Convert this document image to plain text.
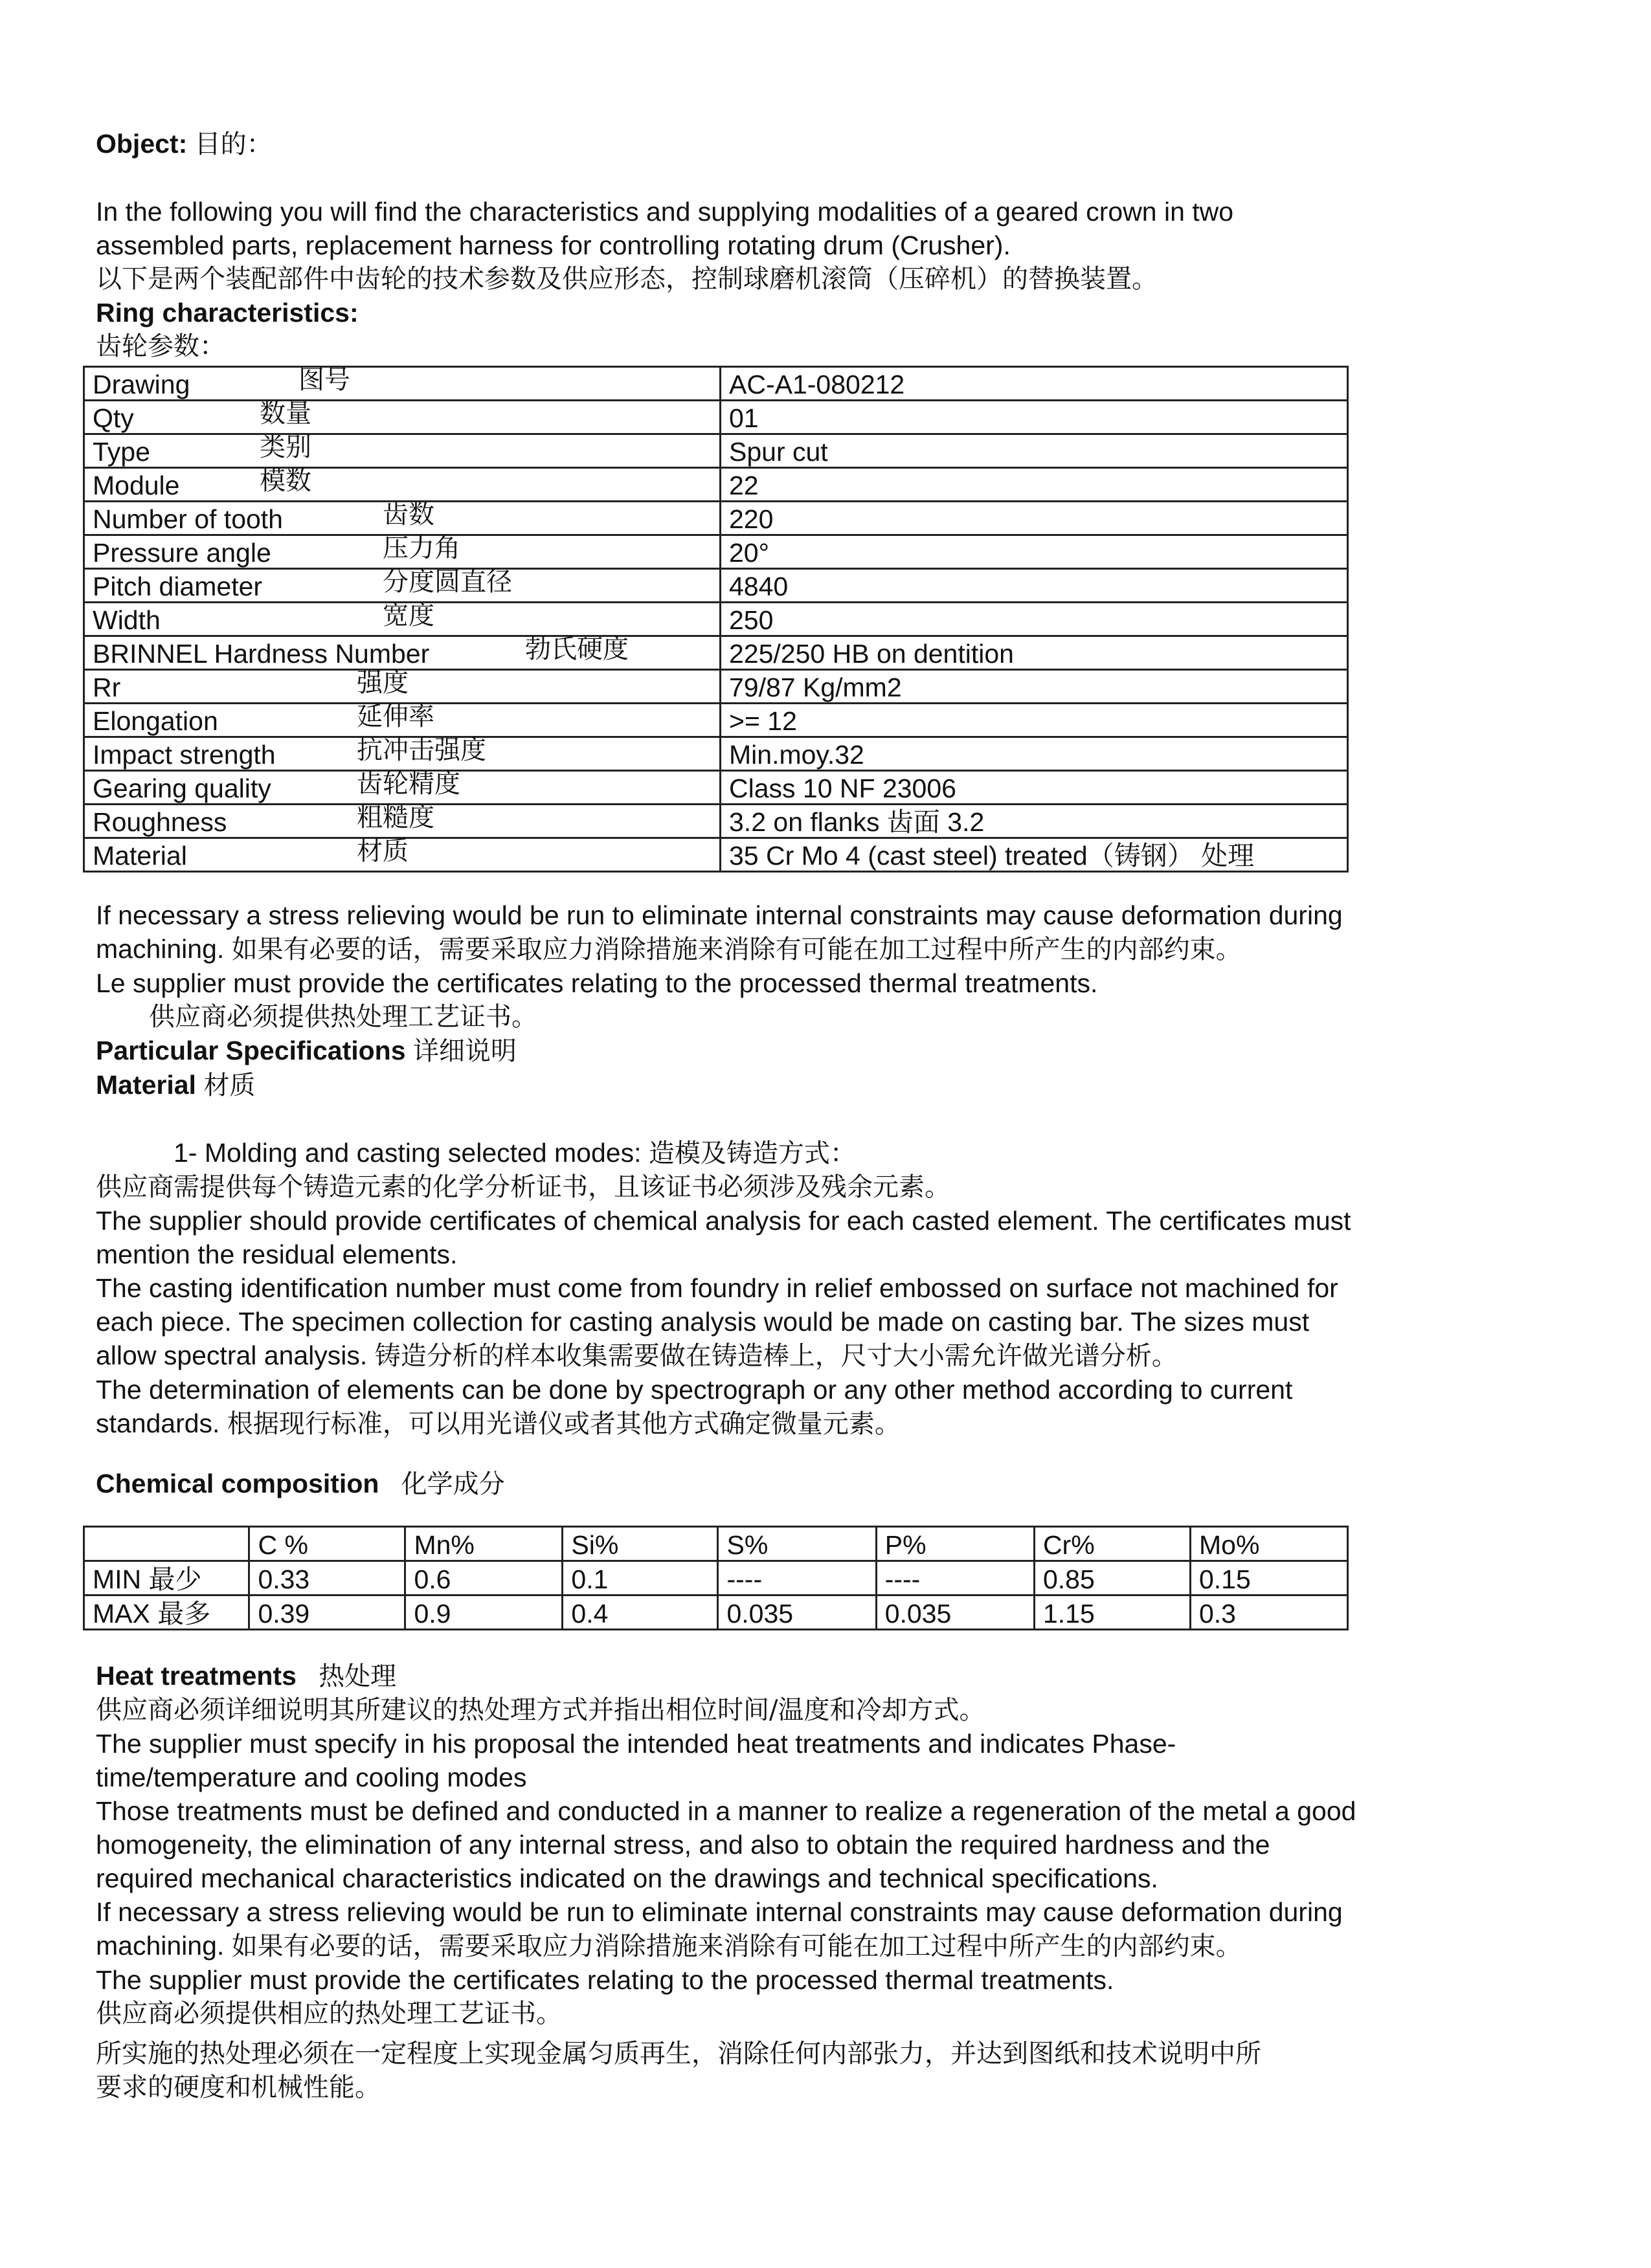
Object: 目的：

In the following you will find the characteristics and supplying modalities of a geared crown in two

assembled parts, replacement harness for controlling rotating drum (Crusher).

以下是两个装配部件中齿轮的技术参数及供应形态，控制球磨机滚筒（压碎机）的替换装置。

Ring characteristics:

齿轮参数：

Drawing 图号	AC-A1-080212
Qty 数量	01
Type 类别	Spur cut
Module 模数	22
Number of tooth 齿数	220
Pressure angle 压力角	20°
Pitch diameter 分度圆直径	4840
Width 宽度	250
BRINNEL Hardness Number 勃氏硬度	225/250 HB on dentition
Rr 强度	79/87 Kg/mm2
Elongation 延伸率	>= 12
Impact strength 抗冲击强度	Min.moy.32
Gearing quality 齿轮精度	Class 10 NF 23006
Roughness 粗糙度	3.2 on flanks 齿面 3.2
Material 材质	35 Cr Mo 4 (cast steel) treated（铸钢） 处理

If necessary a stress relieving would be run to eliminate internal constraints may cause deformation during

machining. 如果有必要的话，需要采取应力消除措施来消除有可能在加工过程中所产生的内部约束。

Le supplier must provide the certificates relating to the processed thermal treatments.

供应商必须提供热处理工艺证书。

Particular Specifications 详细说明

Material 材质

1- Molding and casting selected modes: 造模及铸造方式：

供应商需提供每个铸造元素的化学分析证书，且该证书必须涉及残余元素。

The supplier should provide certificates of chemical analysis for each casted element. The certificates must

mention the residual elements.

The casting identification number must come from foundry in relief embossed on surface not machined for

each piece. The specimen collection for casting analysis would be made on casting bar. The sizes must

allow spectral analysis. 铸造分析的样本收集需要做在铸造棒上，尺寸大小需允许做光谱分析。

The determination of elements can be done by spectrograph or any other method according to current

standards. 根据现行标准，可以用光谱仪或者其他方式确定微量元素。

Chemical composition 化学成分

	C %	Mn%	Si%	S%	P%	Cr%	Mo%
MIN 最少	0.33	0.6	0.1	----	----	0.85	0.15
MAX 最多	0.39	0.9	0.4	0.035	0.035	1.15	0.3

Heat treatments 热处理

供应商必须详细说明其所建议的热处理方式并指出相位时间/温度和冷却方式。

The supplier must specify in his proposal the intended heat treatments and indicates Phase-

time/temperature and cooling modes

Those treatments must be defined and conducted in a manner to realize a regeneration of the metal a good

homogeneity, the elimination of any internal stress, and also to obtain the required hardness and the

required mechanical characteristics indicated on the drawings and technical specifications.

If necessary a stress relieving would be run to eliminate internal constraints may cause deformation during

machining. 如果有必要的话，需要采取应力消除措施来消除有可能在加工过程中所产生的内部约束。

The supplier must provide the certificates relating to the processed thermal treatments.

供应商必须提供相应的热处理工艺证书。

所实施的热处理必须在一定程度上实现金属匀质再生，消除任何内部张力，并达到图纸和技术说明中所

要求的硬度和机械性能。
